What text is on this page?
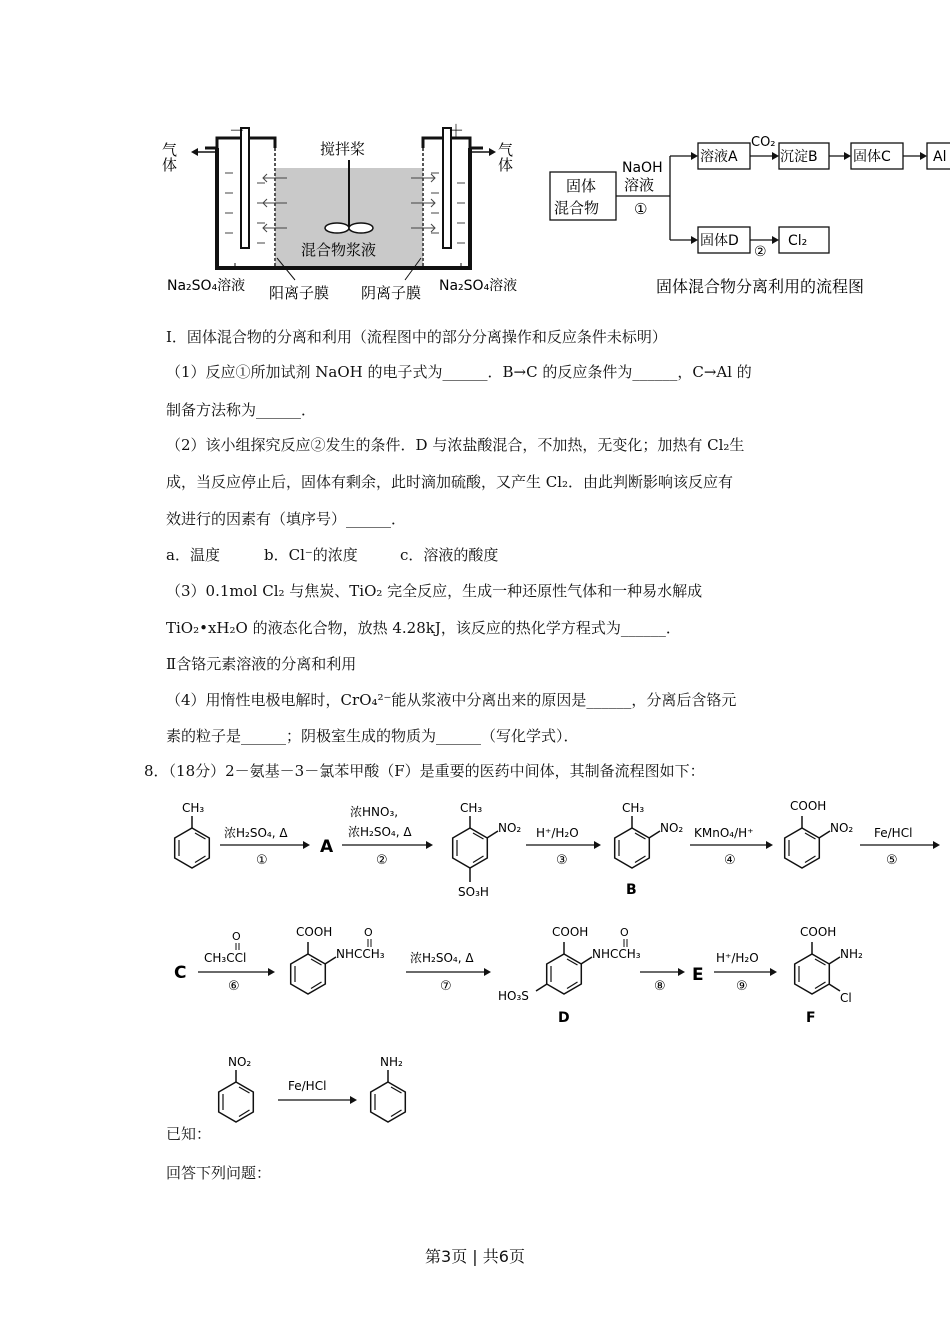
气体	气体
－	＋
搅拌桨
混合物浆液
Na₂SO₄溶液 阳离子膜 阴离子膜 Na₂SO₄溶液
固体
混合物
NaOH
溶液
①
溶液A
CO₂
沉淀B	固体C	Al
固体D
②
Cl₂
固体混合物分离利用的流程图
Ⅰ．固体混合物的分离和利用（流程图中的部分分离操作和反应条件未标明）
（1）反应①所加试剂 NaOH 的电子式为______．B→C 的反应条件为______，C→Al 的
制备方法称为______．
（2）该小组探究反应②发生的条件．D 与浓盐酸混合，不加热，无变化；加热有 Cl₂生
成，当反应停止后，固体有剩余，此时滴加硫酸，又产生 Cl₂．由此判断影响该反应有
效进行的因素有（填序号）______．
a．温度	b．Cl⁻的浓度	c．溶液的酸度
（3）0.1mol Cl₂ 与焦炭、TiO₂ 完全反应，生成一种还原性气体和一种易水解成
TiO₂•xH₂O 的液态化合物，放热 4.28kJ，该反应的热化学方程式为______．
Ⅱ含铬元素溶液的分离和利用
（4）用惰性电极电解时，CrO₄²⁻能从浆液中分离出来的原因是______，分离后含铬元
素的粒子是______；阴极室生成的物质为______（写化学式）．
8．（18分）2－氨基－3－氯苯甲酸（F）是重要的医药中间体，其制备流程图如下：
CH₃
浓H₂SO₄, Δ
①
A
浓HNO₃,
浓H₂SO₄, Δ
②
CH₃
NO₂
SO₃H
H⁺/H₂O
③
CH₃
NO₂
B
KMnO₄/H⁺
④
COOH
NO₂ Fe/HCl
⑤
C
O
CH₃CCl
⑥
COOH
NHCCH₃
O
浓H₂SO₄, Δ
⑦
COOH
NHCCH₃
O
HO₃S
D
⑧
E
H⁺/H₂O
⑨
COOH
NH₂
Cl
F
NO₂
Fe/HCl
NH₂
已知：
回答下列问题：
第3页 | 共6页
